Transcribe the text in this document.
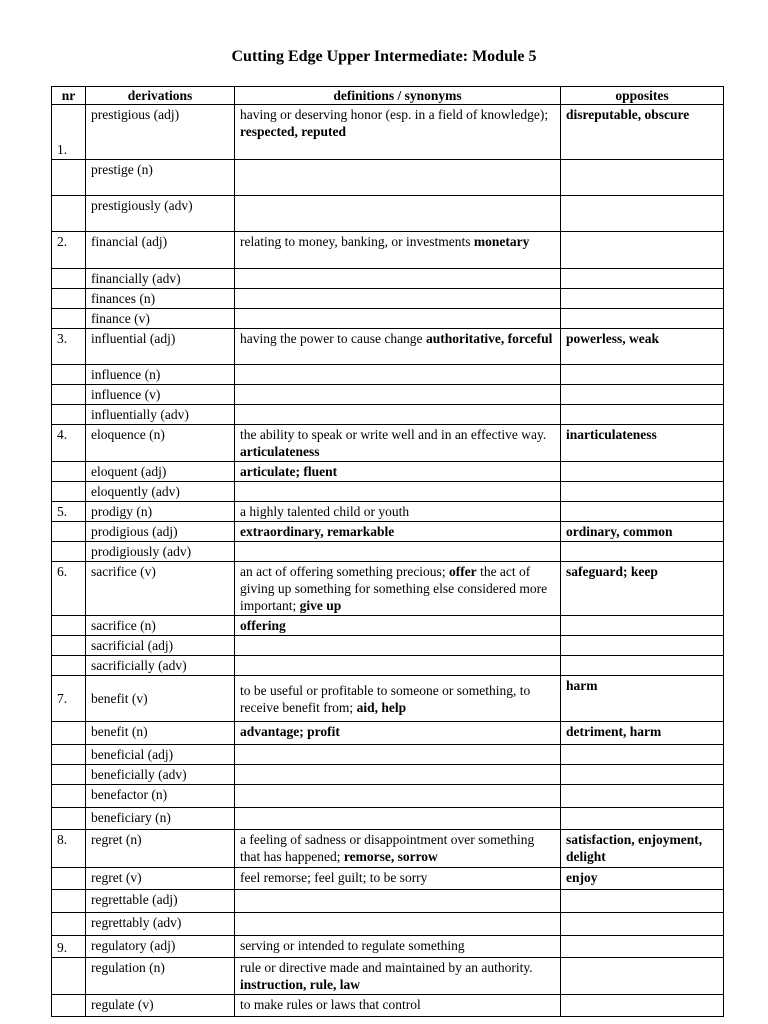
Cutting Edge Upper Intermediate: Module 5
nr	derivations	definitions / synonyms	opposites
1.	prestigious (adj)	having or deserving honor (esp. in a field of knowledge); respected, reputed	disreputable, obscure
	prestige (n)		
	prestigiously (adv)		
2.	financial (adj)	relating to money, banking, or investments monetary	
	financially (adv)		
	finances (n)		
	finance (v)		
3.	influential (adj)	having the power to cause change authoritative, forceful	powerless, weak
	influence (n)		
	influence (v)		
	influentially (adv)		
4.	eloquence (n)	the ability to speak or write well and in an effective way. articulateness	inarticulateness
	eloquent (adj)	articulate; fluent	
	eloquently (adv)		
5.	prodigy (n)	a highly talented child or youth	
	prodigious (adj)	extraordinary, remarkable	ordinary, common
	prodigiously (adv)		
6.	sacrifice (v)	an act of offering something precious; offer the act of giving up something for something else considered more important; give up	safeguard; keep
	sacrifice (n)	offering	
	sacrificial (adj)		
	sacrificially (adv)		
7.	benefit (v)	to be useful or profitable to someone or something, to receive benefit from; aid, help	harm
	benefit (n)	advantage; profit	detriment, harm
	beneficial (adj)		
	beneficially (adv)		
	benefactor (n)		
	beneficiary (n)		
8.	regret (n)	a feeling of sadness or disappointment over something that has happened; remorse, sorrow	satisfaction, enjoyment, delight
	regret (v)	feel remorse; feel guilt; to be sorry	enjoy
	regrettable (adj)		
	regrettably (adv)		
9.	regulatory (adj)	serving or intended to regulate something	
	regulation (n)	rule or directive made and maintained by an authority. instruction, rule, law	
	regulate (v)	to make rules or laws that control	
